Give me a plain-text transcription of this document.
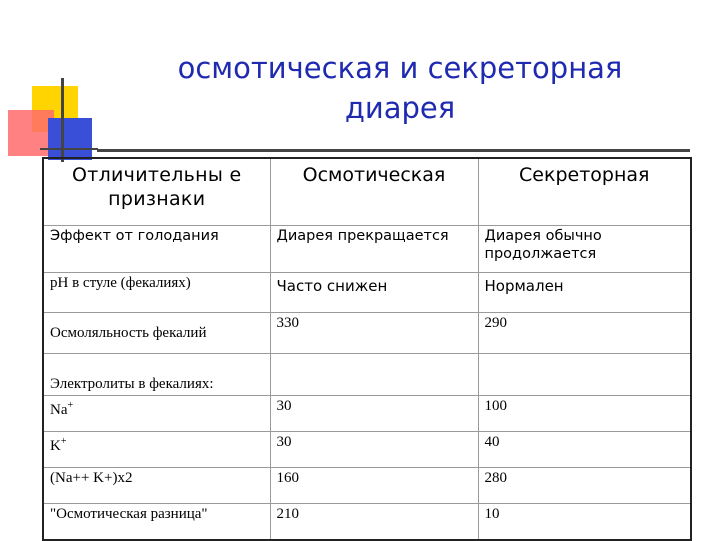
осмотическая и секреторная
диарея
Отличительны е признаки	Осмотическая	Секреторная
Эффект от голодания	Диарея прекращается	Диарея обычно продолжается
pH в стуле (фекалиях)	Часто снижен	Нормален
Осмоляльность фекалий	330	290
Электролиты в фекалиях:		
Na+	30	100
K+	30	40
(Na++ K+)x2	160	280
"Осмотическая разница"	210	10
